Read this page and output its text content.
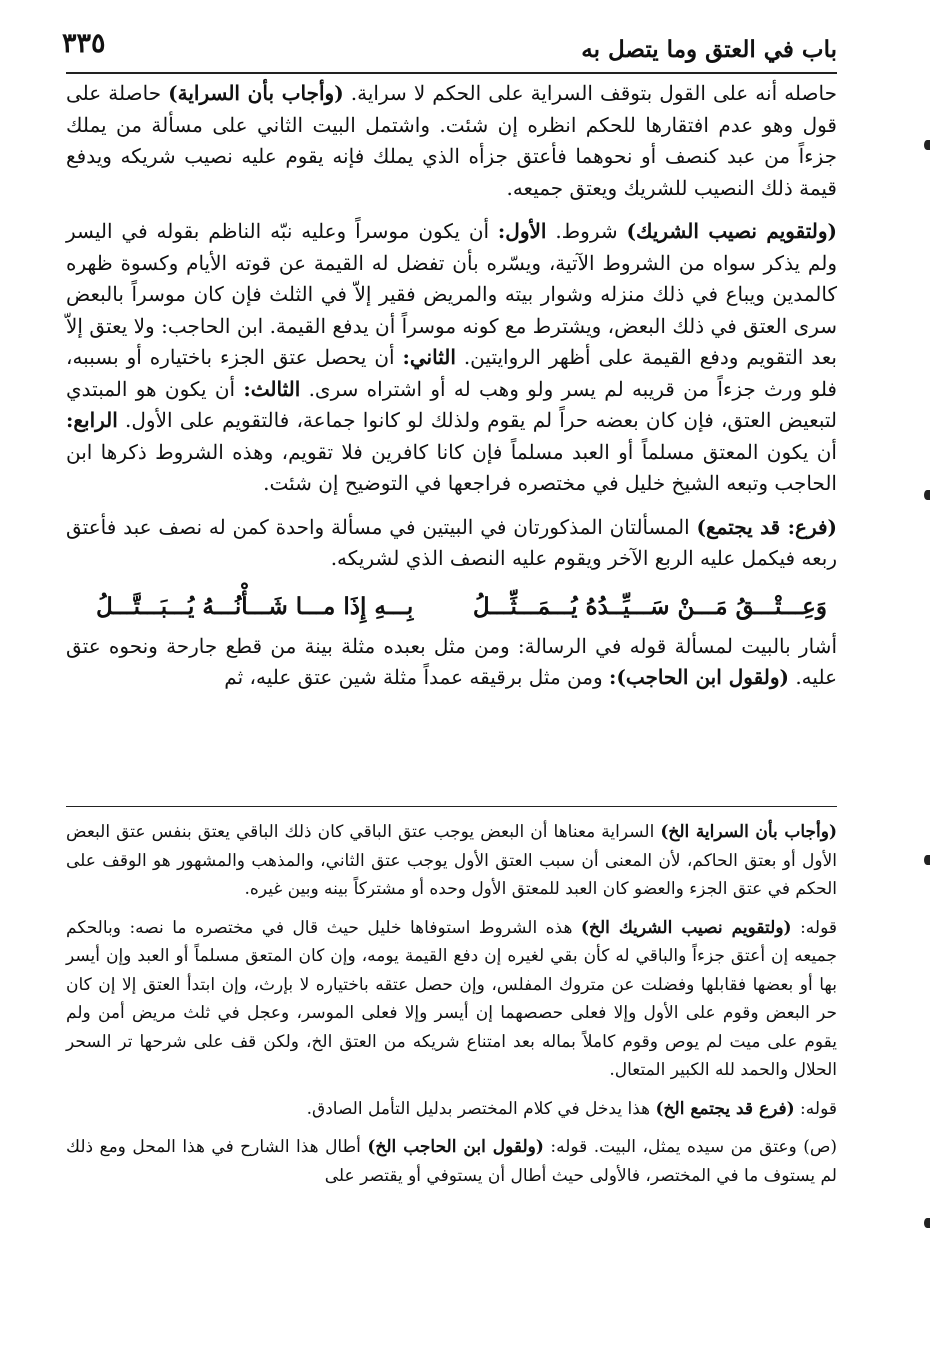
باب في العتق وما يتصل به
٣٣٥

حاصله أنه على القول بتوقف السراية على الحكم لا سراية. (وأجاب بأن السراية) حاصلة على قول وهو عدم افتقارها للحكم انظره إن شئت. واشتمل البيت الثاني على مسألة من يملك جزءاً من عبد كنصف أو نحوهما فأعتق جزأه الذي يملك فإنه يقوم عليه نصيب شريكه ويدفع قيمة ذلك النصيب للشريك ويعتق جميعه.

(ولتقويم نصيب الشريك) شروط. الأول: أن يكون موسراً وعليه نبّه الناظم بقوله في اليسر ولم يذكر سواه من الشروط الآتية، ويسّره بأن تفضل له القيمة عن قوته الأيام وكسوة ظهره كالمدين ويباع في ذلك منزله وشوار بيته والمريض فقير إلاّ في الثلث فإن كان موسراً بالبعض سرى العتق في ذلك البعض، ويشترط مع كونه موسراً أن يدفع القيمة. ابن الحاجب: ولا يعتق إلاّ بعد التقويم ودفع القيمة على أظهر الروايتين. الثاني: أن يحصل عتق الجزء باختياره أو بسببه، فلو ورث جزءاً من قريبه لم يسر ولو وهب له أو اشتراه سرى. الثالث: أن يكون هو المبتدي لتبعيض العتق، فإن كان بعضه حراً لم يقوم ولذلك لو كانوا جماعة، فالتقويم على الأول. الرابع: أن يكون المعتق مسلماً أو العبد مسلماً فإن كانا كافرين فلا تقويم، وهذه الشروط ذكرها ابن الحاجب وتبعه الشيخ خليل في مختصره فراجعها في التوضيح إن شئت.

(فرع: قد يجتمع) المسألتان المذكورتان في البيتين في مسألة واحدة كمن له نصف عبد فأعتق ربعه فيكمل عليه الربع الآخر ويقوم عليه النصف الذي لشريكه.

وَعِـــتْـــقُ مَـــنْ سَـــيِّــدُهُ يُـــمَـــثِّـــلُ
بِـــهِ إِذَا مـــا شَـــأْنُـــهُ يُـــبَـــتَّـــلُ

أشار بالبيت لمسألة قوله في الرسالة: ومن مثل بعبده مثلة بينة من قطع جارحة ونحوه عتق عليه. (ولقول ابن الحاجب): ومن مثل برقيقه عمداً مثلة شين عتق عليه، ثم

(وأجاب بأن السراية الخ) السراية معناها أن البعض يوجب عتق الباقي كان ذلك الباقي يعتق بنفس عتق البعض الأول أو بعتق الحاكم، لأن المعنى أن سبب العتق الأول يوجب عتق الثاني، والمذهب والمشهور هو الوقف على الحكم في عتق الجزء والعضو كان العبد للمعتق الأول وحده أو مشتركاً بينه وبين غيره.

قوله: (ولتقويم نصيب الشريك الخ) هذه الشروط استوفاها خليل حيث قال في مختصره ما نصه: وبالحكم جميعه إن أعتق جزءاً والباقي له كأن بقي لغيره إن دفع القيمة يومه، وإن كان المتعق مسلماً أو العبد وإن أيسر بها أو بعضها فقابلها وفضلت عن متروك المفلس، وإن حصل عتقه باختياره لا بإرث، وإن ابتدأ العتق إلا إن كان حر البعض وقوم على الأول وإلا فعلى حصصهما إن أيسر وإلا فعلى الموسر، وعجل في ثلث مريض أمن ولم يقوم على ميت لم يوص وقوم كاملاً بماله بعد امتناع شريكه من العتق الخ، ولكن قف على شرحها تر السحر الحلال والحمد لله الكبير المتعال.

قوله: (فرع قد يجتمع الخ) هذا يدخل في كلام المختصر بدليل التأمل الصادق.

(ص) وعتق من سيده يمثل، البيت. قوله: (ولقول ابن الحاجب الخ) أطال هذا الشارح في هذا المحل ومع ذلك لم يستوف ما في المختصر، فالأولى حيث أطال أن يستوفي أو يقتصر على
